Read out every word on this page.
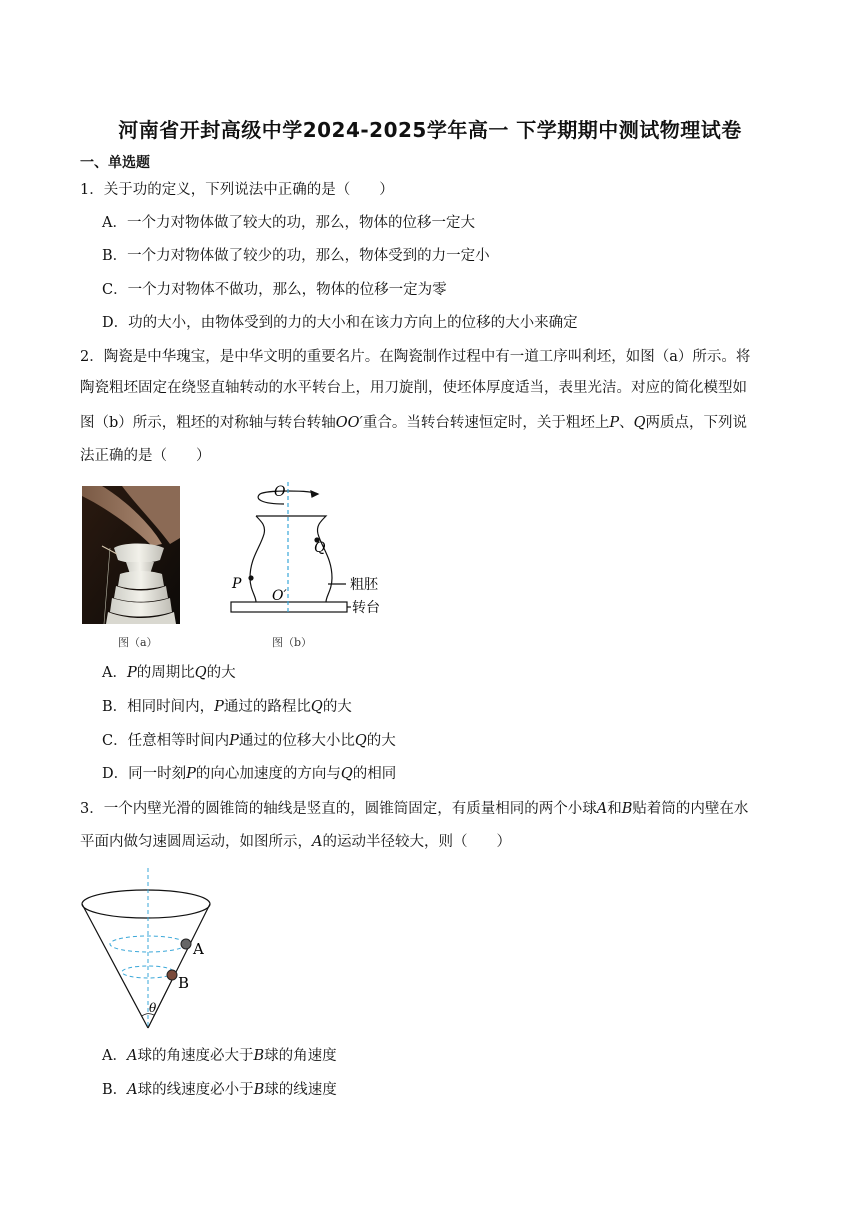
河南省开封高级中学2024-2025学年高一 下学期期中测试物理试卷
一、单选题
1．关于功的定义，下列说法中正确的是（　　）
A．一个力对物体做了较大的功，那么，物体的位移一定大
B．一个力对物体做了较少的功，那么，物体受到的力一定小
C．一个力对物体不做功，那么，物体的位移一定为零
D．功的大小，由物体受到的力的大小和在该力方向上的位移的大小来确定
2．陶瓷是中华瑰宝，是中华文明的重要名片。在陶瓷制作过程中有一道工序叫利坯，如图（a）所示。将
陶瓷粗坯固定在绕竖直轴转动的水平转台上，用刀旋削，使坯体厚度适当，表里光洁。对应的简化模型如
图（b）所示，粗坯的对称轴与转台转轴OO′重合。当转台转速恒定时，关于粗坯上P、Q两质点，下列说
法正确的是（　　）
图（a）
O
Q
P
O′
粗胚
转台
图（b）
A．P的周期比Q的大
B．相同时间内，P通过的路程比Q的大
C．任意相等时间内P通过的位移大小比Q的大
D．同一时刻P的向心加速度的方向与Q的相同
3．一个内壁光滑的圆锥筒的轴线是竖直的，圆锥筒固定，有质量相同的两个小球A和B贴着筒的内壁在水
平面内做匀速圆周运动，如图所示，A的运动半径较大，则（　　）
A
B
θ
A．A球的角速度必大于B球的角速度
B．A球的线速度必小于B球的线速度
